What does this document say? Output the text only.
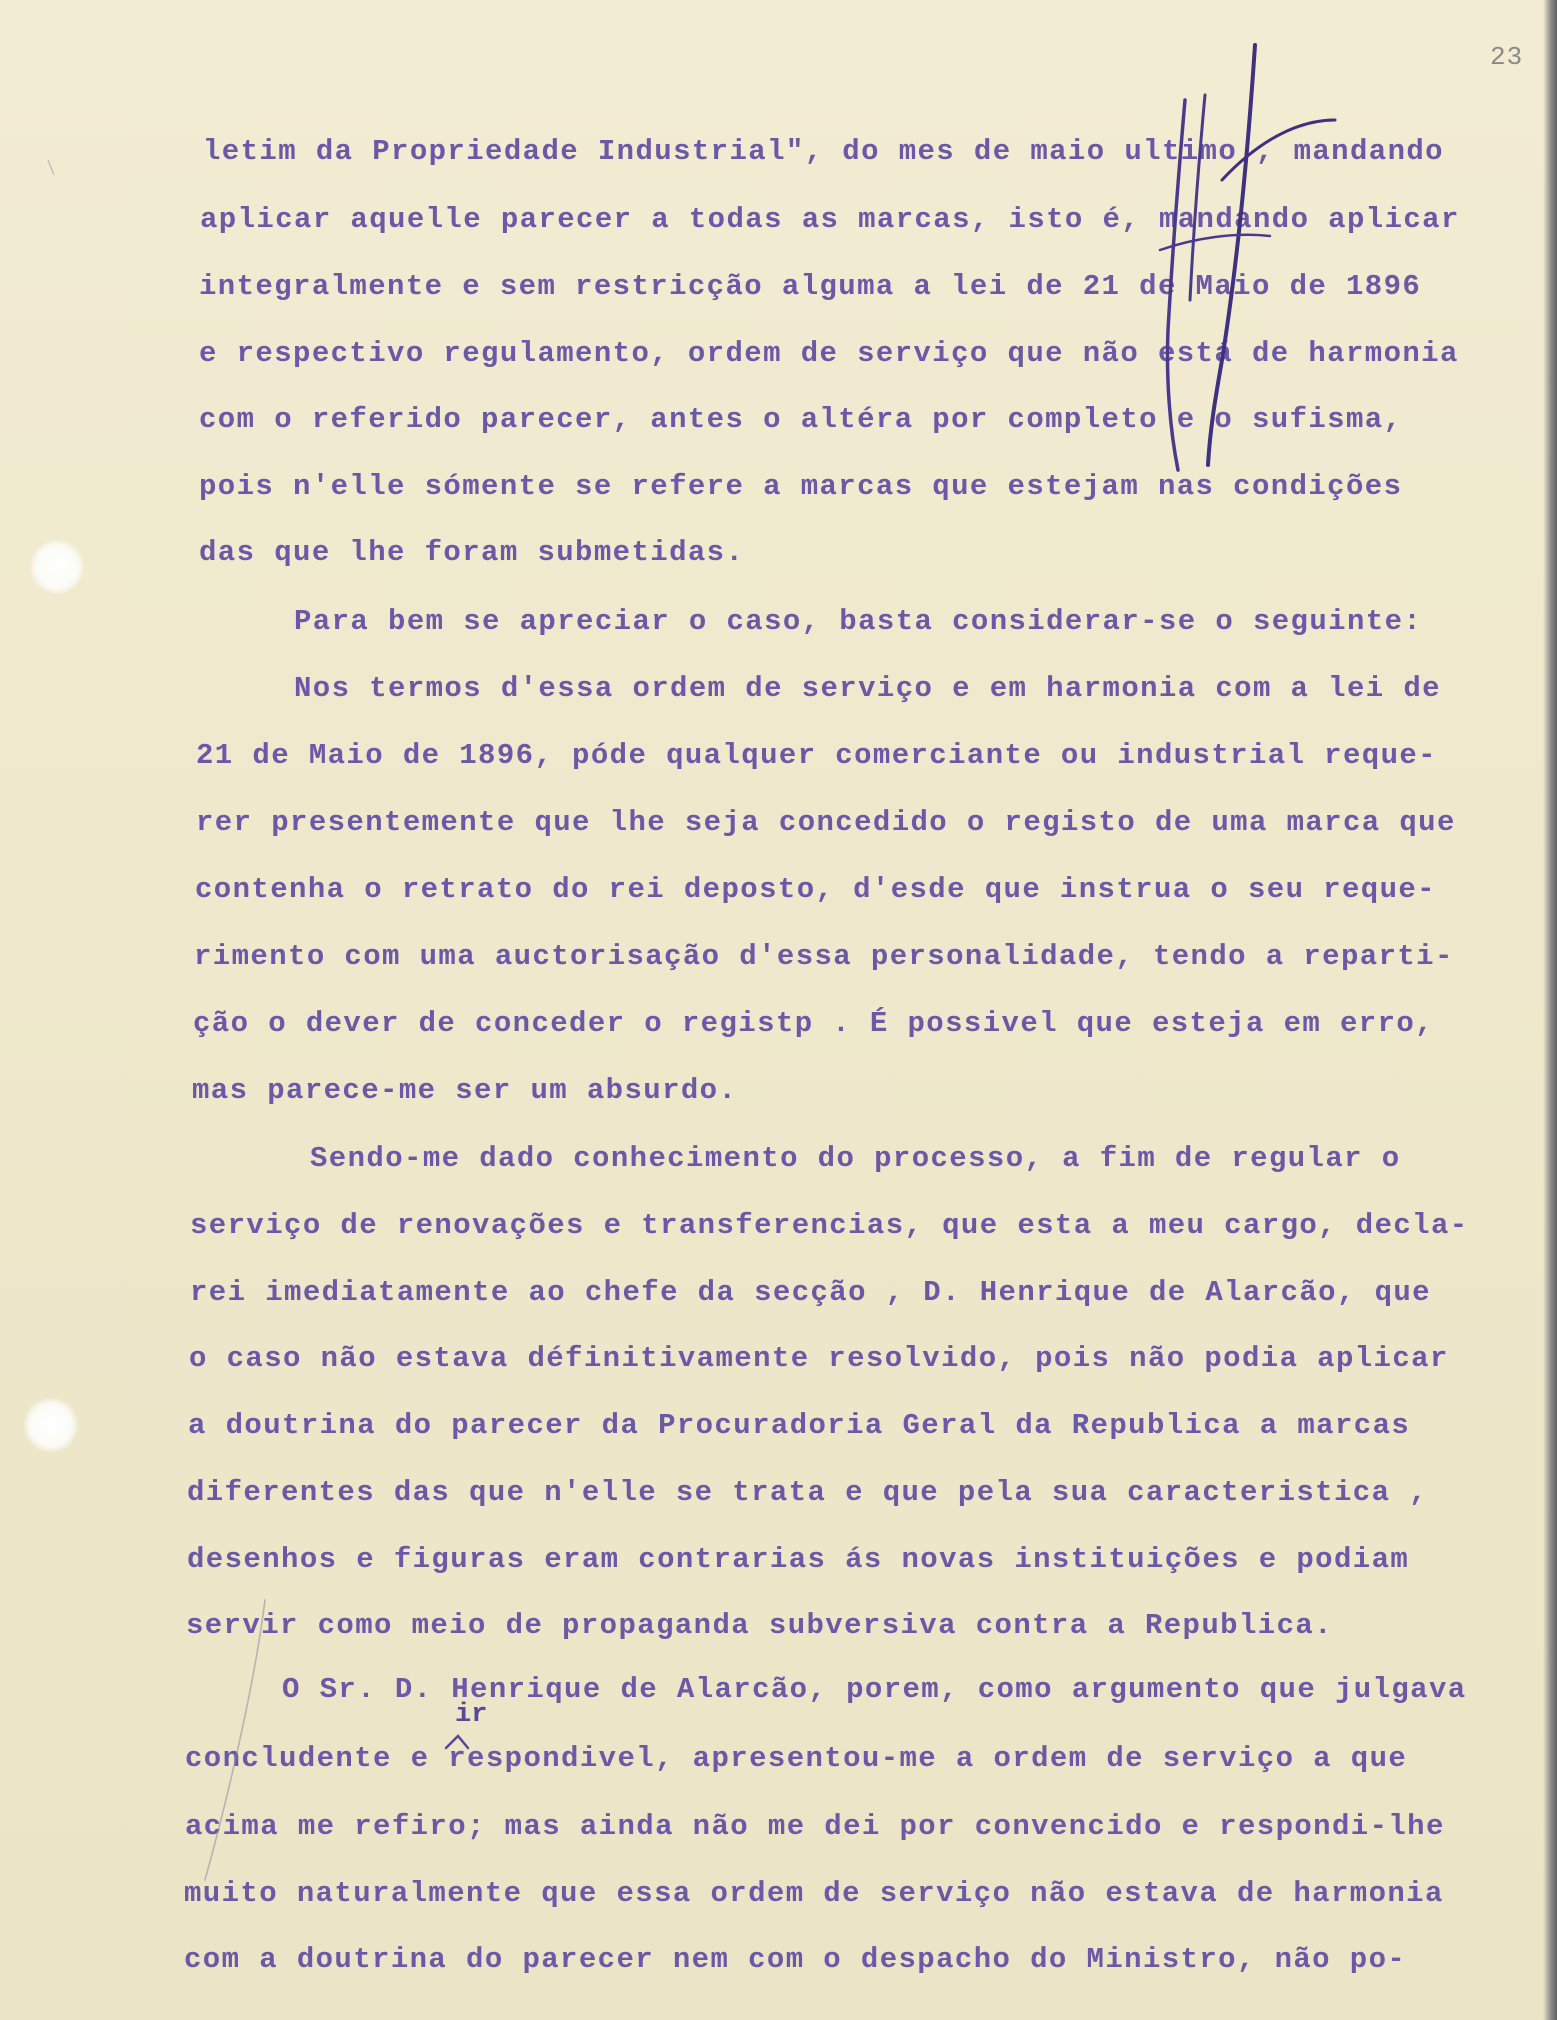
23
letim da Propriedade Industrial", do mes de maio ultimo , mandando
aplicar aquelle parecer a todas as marcas, isto é, mandando aplicar
integralmente e sem restricção alguma a lei de 21 de Maio de 1896
e respectivo regulamento, ordem de serviço que não está de harmonia
com o referido parecer, antes o altéra por completo e o sufisma,
pois n'elle sómente se refere a marcas que estejam nas condições
das que lhe foram submetidas.
Para bem se apreciar o caso, basta considerar-se o seguinte:
Nos termos d'essa ordem de serviço e em harmonia com a lei de
21 de Maio de 1896, póde qualquer comerciante ou industrial reque-
rer presentemente que lhe seja concedido o registo de uma marca que
contenha o retrato do rei deposto, d'esde que instrua o seu reque-
rimento com uma auctorisação d'essa personalidade, tendo a reparti-
ção o dever de conceder o registp . É possivel que esteja em erro,
mas parece-me ser um absurdo.
Sendo-me dado conhecimento do processo, a fim de regular o
serviço de renovações e transferencias, que esta a meu cargo, decla-
rei imediatamente ao chefe da secção , D. Henrique de Alarcão, que
o caso não estava définitivamente resolvido, pois não podia aplicar
a doutrina do parecer da Procuradoria Geral da Republica a marcas
diferentes das que n'elle se trata e que pela sua caracteristica ,
desenhos e figuras eram contrarias ás novas instituições e podiam
servir como meio de propaganda subversiva contra a Republica.
O Sr. D. Henrique de Alarcão, porem, como argumento que julgava
concludente e respondivel, apresentou-me a ordem de serviço a que
acima me refiro; mas ainda não me dei por convencido e respondi-lhe
muito naturalmente que essa ordem de serviço não estava de harmonia
com a doutrina do parecer nem com o despacho do Ministro, não po-
ir
